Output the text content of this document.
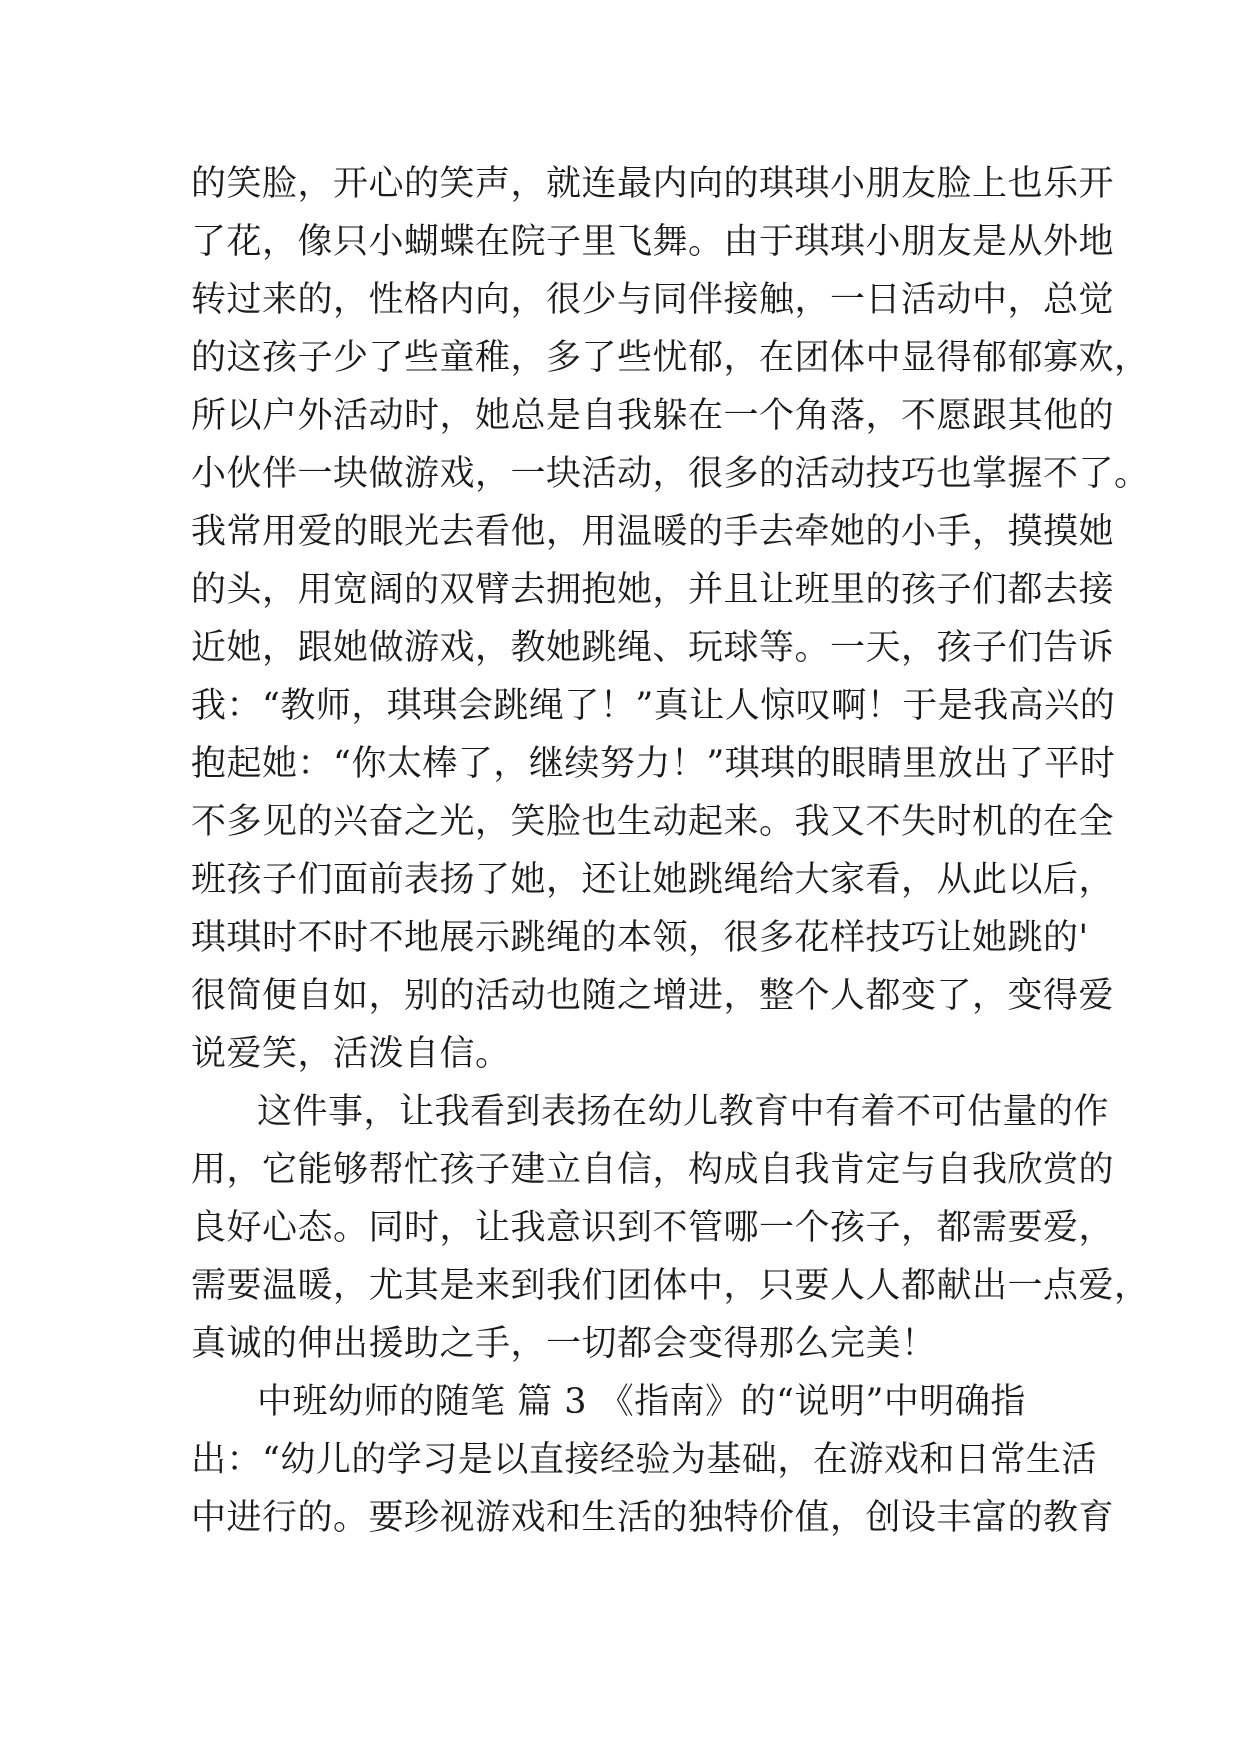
的笑脸，开心的笑声，就连最内向的琪琪小朋友脸上也乐开
了花，像只小蝴蝶在院子里飞舞。由于琪琪小朋友是从外地
转过来的，性格内向，很少与同伴接触，一日活动中，总觉
的这孩子少了些童稚，多了些忧郁，在团体中显得郁郁寡欢，
所以户外活动时，她总是自我躲在一个角落，不愿跟其他的
小伙伴一块做游戏，一块活动，很多的活动技巧也掌握不了。
我常用爱的眼光去看他，用温暖的手去牵她的小手，摸摸她
的头，用宽阔的双臂去拥抱她，并且让班里的孩子们都去接
近她，跟她做游戏，教她跳绳、玩球等。一天，孩子们告诉
我：“教师，琪琪会跳绳了！”真让人惊叹啊！于是我高兴的
抱起她：“你太棒了，继续努力！”琪琪的眼睛里放出了平时
不多见的兴奋之光，笑脸也生动起来。我又不失时机的在全
班孩子们面前表扬了她，还让她跳绳给大家看，从此以后，
琪琪时不时不地展示跳绳的本领，很多花样技巧让她跳的'
很简便自如，别的活动也随之增进，整个人都变了，变得爱
说爱笑，活泼自信。
这件事，让我看到表扬在幼儿教育中有着不可估量的作
用，它能够帮忙孩子建立自信，构成自我肯定与自我欣赏的
良好心态。同时，让我意识到不管哪一个孩子，都需要爱，
需要温暖，尤其是来到我们团体中，只要人人都献出一点爱，
真诚的伸出援助之手，一切都会变得那么完美！
中班幼师的随笔 篇 3 《指南》的“说明”中明确指
出：“幼儿的学习是以直接经验为基础，在游戏和日常生活
中进行的。要珍视游戏和生活的独特价值，创设丰富的教育
